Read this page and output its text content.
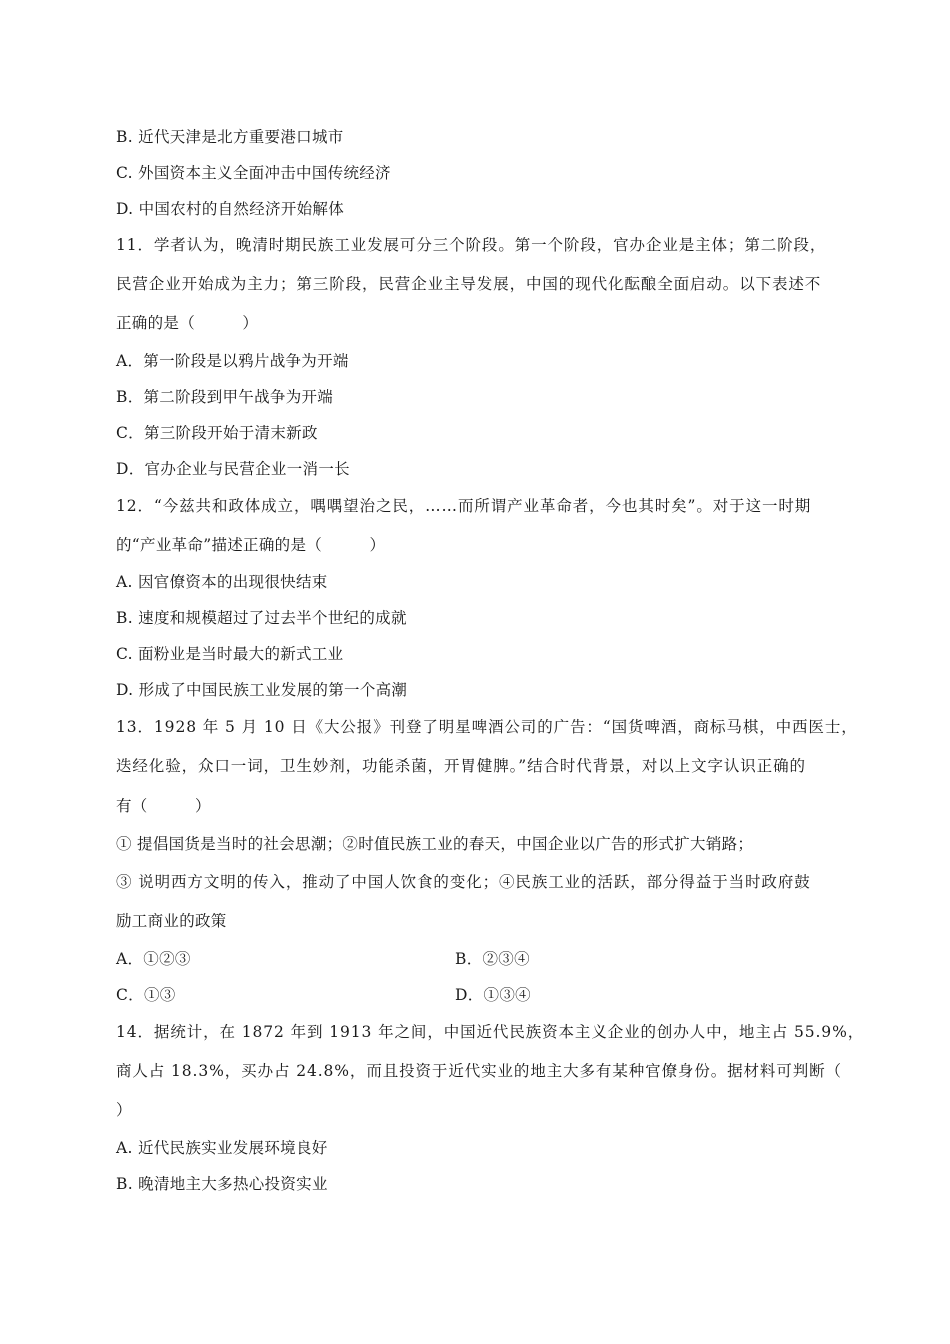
B. 近代天津是北方重要港口城市
C. 外国资本主义全面冲击中国传统经济
D. 中国农村的自然经济开始解体
11．学者认为，晚清时期民族工业发展可分三个阶段。第一个阶段，官办企业是主体；第二阶段，
民营企业开始成为主力；第三阶段，民营企业主导发展，中国的现代化酝酿全面启动。以下表述不
正确的是（　　　）
A．第一阶段是以鸦片战争为开端
B．第二阶段到甲午战争为开端
C．第三阶段开始于清末新政
D．官办企业与民营企业一消一长
12．“今兹共和政体成立，喁喁望治之民，……而所谓产业革命者，今也其时矣”。对于这一时期
的“产业革命”描述正确的是（　　　）
A. 因官僚资本的出现很快结束
B. 速度和规模超过了过去半个世纪的成就
C. 面粉业是当时最大的新式工业
D. 形成了中国民族工业发展的第一个高潮
13．1928 年 5 月 10 日《大公报》刊登了明星啤酒公司的广告：“国货啤酒，商标马棋，中西医士，
迭经化验，众口一词，卫生妙剂，功能杀菌，开胃健脾。”结合时代背景，对以上文字认识正确的
有（　　　）
① 提倡国货是当时的社会思潮；②时值民族工业的春天，中国企业以广告的形式扩大销路；
③ 说明西方文明的传入，推动了中国人饮食的变化；④民族工业的活跃，部分得益于当时政府鼓
励工商业的政策
A．①②③	B．②③④
C．①③	D．①③④
14．据统计，在 1872 年到 1913 年之间，中国近代民族资本主义企业的创办人中，地主占 55.9%，
商人占 18.3%，买办占 24.8%，而且投资于近代实业的地主大多有某种官僚身份。据材料可判断（
）
A. 近代民族实业发展环境良好
B. 晚清地主大多热心投资实业
